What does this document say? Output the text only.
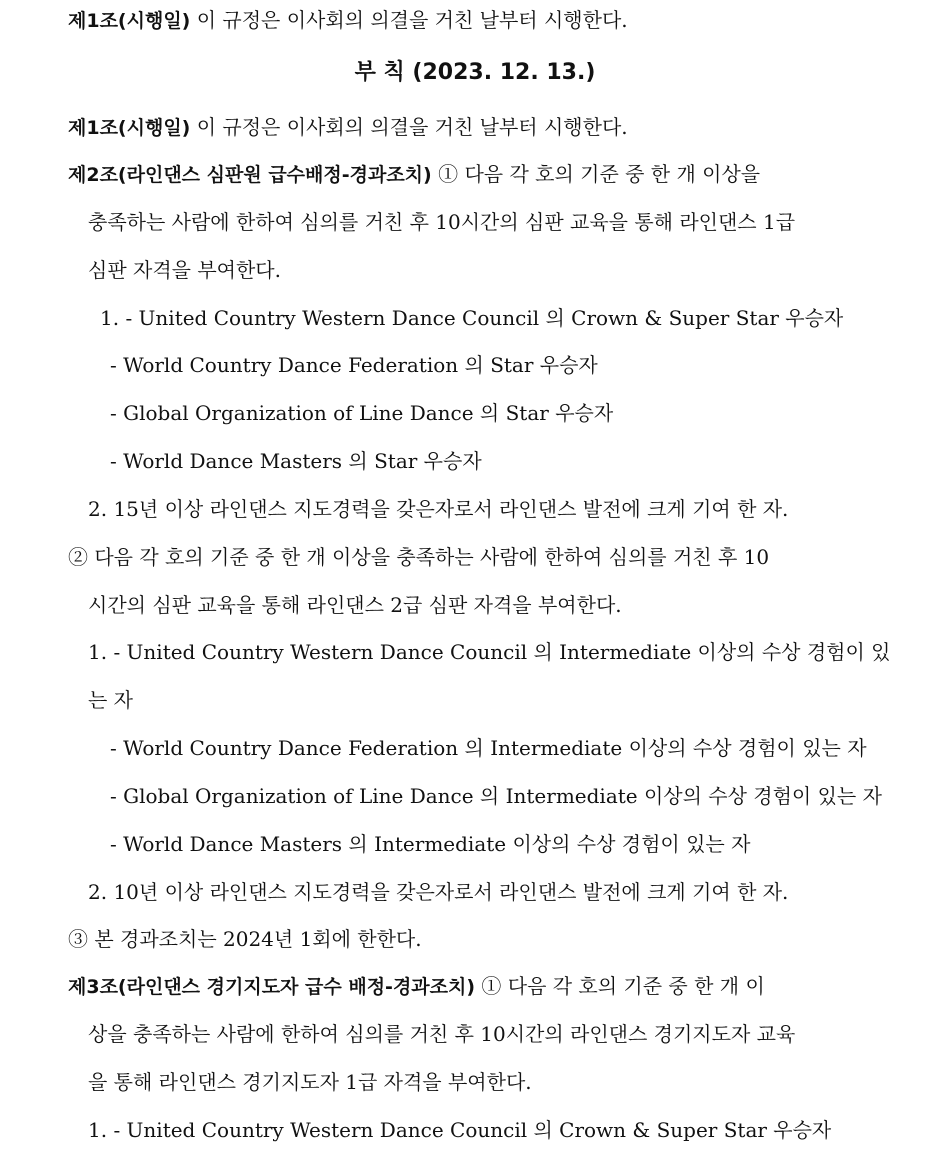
제1조(시행일) 이 규정은 이사회의 의결을 거친 날부터 시행한다.
부 칙 (2023. 12. 13.)
제1조(시행일) 이 규정은 이사회의 의결을 거친 날부터 시행한다.
제2조(라인댄스 심판원 급수배정-경과조치) ① 다음 각 호의 기준 중 한 개 이상을
충족하는 사람에 한하여 심의를 거친 후 10시간의 심판 교육을 통해 라인댄스 1급
심판 자격을 부여한다.
1. - United Country Western Dance Council 의 Crown & Super Star 우승자
- World Country Dance Federation 의 Star 우승자
- Global Organization of Line Dance 의 Star 우승자
- World Dance Masters 의 Star 우승자
2. 15년 이상 라인댄스 지도경력을 갖은자로서 라인댄스 발전에 크게 기여 한 자.
② 다음 각 호의 기준 중 한 개 이상을 충족하는 사람에 한하여 심의를 거친 후 10
시간의 심판 교육을 통해 라인댄스 2급 심판 자격을 부여한다.
1. - United Country Western Dance Council 의 Intermediate 이상의 수상 경험이 있
는 자
- World Country Dance Federation 의 Intermediate 이상의 수상 경험이 있는 자
- Global Organization of Line Dance 의 Intermediate 이상의 수상 경험이 있는 자
- World Dance Masters 의 Intermediate 이상의 수상 경험이 있는 자
2. 10년 이상 라인댄스 지도경력을 갖은자로서 라인댄스 발전에 크게 기여 한 자.
③ 본 경과조치는 2024년 1회에 한한다.
제3조(라인댄스 경기지도자 급수 배정-경과조치) ① 다음 각 호의 기준 중 한 개 이
상을 충족하는 사람에 한하여 심의를 거친 후 10시간의 라인댄스 경기지도자 교육
을 통해 라인댄스 경기지도자 1급 자격을 부여한다.
1. - United Country Western Dance Council 의 Crown & Super Star 우승자
